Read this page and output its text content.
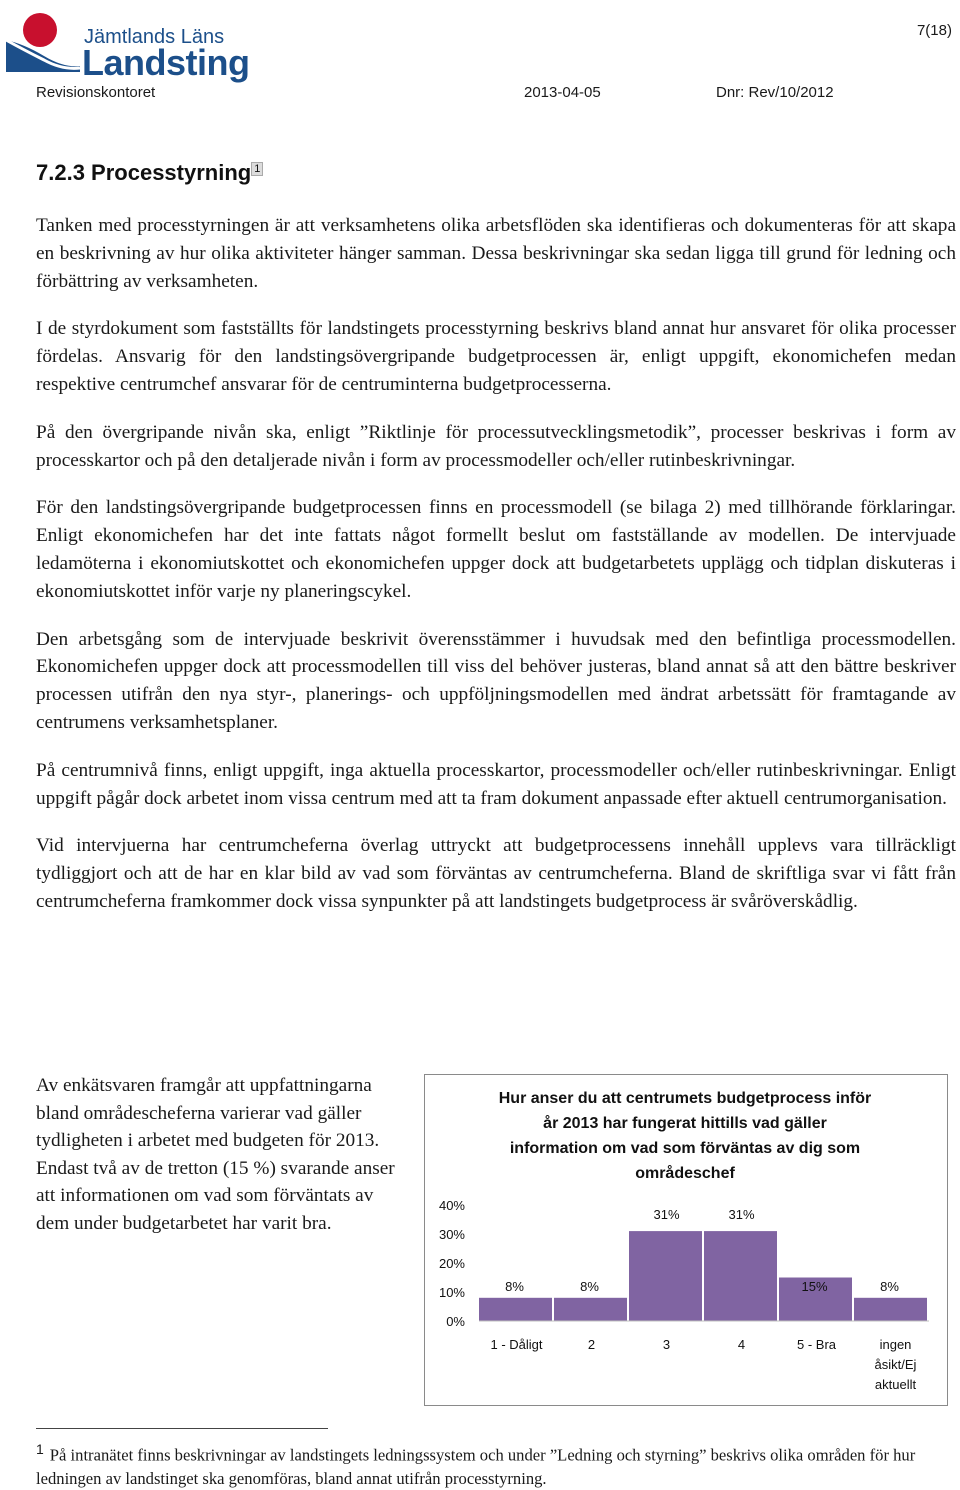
Jämtlands Läns
Landsting
7(18)
Revisionskontoret	2013-04-05	Dnr: Rev/10/2012
7.2.3 Processtyrning $^1$

Tanken med processtyrningen är att verksamhetens olika arbetsflöden ska identifieras och dokumenteras för att skapa en beskrivning av hur olika aktiviteter hänger samman. Dessa beskrivningar ska sedan ligga till grund för ledning och förbättring av verksamheten.

I de styrdokument som fastställts för landstingets processtyrning beskrivs bland annat hur ansvaret för olika processer fördelas. Ansvarig för den landstingsövergripande budgetprocessen är, enligt uppgift, ekonomichefen medan respektive centrumchef ansvarar för de centruminterna budgetprocesserna.

På den övergripande nivån ska, enligt ”Riktlinje för processutvecklingsmetodik”, processer beskrivas i form av processkartor och på den detaljerade nivån i form av processmodeller och/eller rutinbeskrivningar.

För den landstingsövergripande budgetprocessen finns en processmodell (se bilaga 2) med tillhörande förklaringar. Enligt ekonomichefen har det inte fattats något formellt beslut om fastställande av modellen. De intervjuade ledamöterna i ekonomiutskottet och ekonomichefen uppger dock att budgetarbetets upplägg och tidplan diskuteras i ekonomiutskottet inför varje ny planeringscykel.

Den arbetsgång som de intervjuade beskrivit överensstämmer i huvudsak med den befintliga processmodellen. Ekonomichefen uppger dock att processmodellen till viss del behöver justeras, bland annat så att den bättre beskriver processen utifrån den nya styr-, planerings- och uppföljningsmodellen med ändrat arbetssätt för framtagande av centrumens verksamhetsplaner.

På centrumnivå finns, enligt uppgift, inga aktuella processkartor, processmodeller och/eller rutinbeskrivningar. Enligt uppgift pågår dock arbetet inom vissa centrum med att ta fram dokument anpassade efter aktuell centrumorganisation.

Vid intervjuerna har centrumcheferna överlag uttryckt att budgetprocessens innehåll upplevs vara tillräckligt tydliggjort och att de har en klar bild av vad som förväntas av centrumcheferna. Bland de skriftliga svar vi fått från centrumcheferna framkommer dock vissa synpunkter på att landstingets budgetprocess är svåröverskådlig.

Av enkätsvaren framgår att uppfattningarna bland områdescheferna varierar vad gäller tydligheten i arbetet med budgeten för 2013. Endast två av de tretton (15 %) svarande anser att informationen om vad som förväntats av dem under budgetarbetet har varit bra.

Hur anser du att centrumets budgetprocess inför
år 2013 har fungerat hittills vad gäller
information om vad som förväntas av dig som
områdeschef
0%
10%
20%
30%
40%
8%
1 - Dåligt
8%
2
31%
3
31%
4
15%
5 - Bra
8%
ingen
åsikt/Ej
aktuellt
$^1$ På intranätet finns beskrivningar av landstingets ledningssystem och under ”Ledning och styrning” beskrivs olika områden för hur ledningen av landstinget ska genomföras, bland annat utifrån processtyrning.
